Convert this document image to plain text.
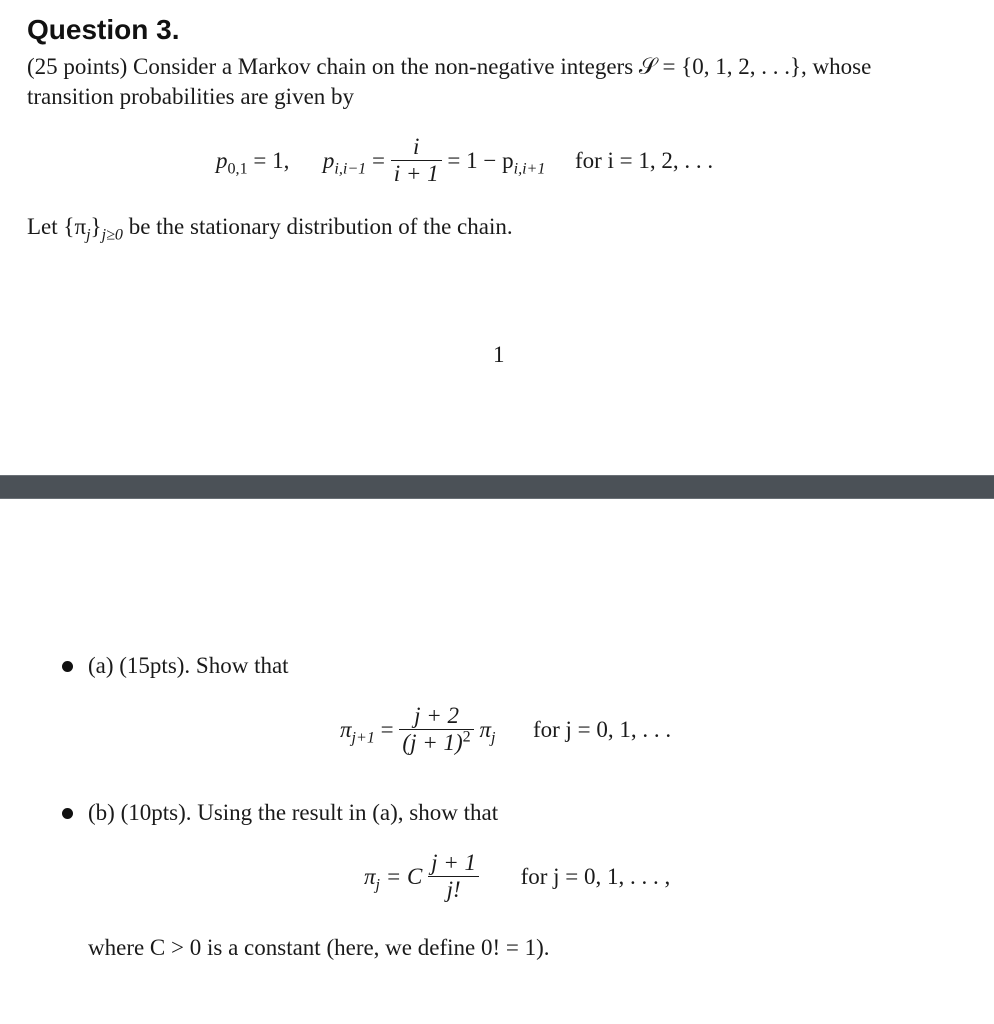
Question 3.
(25 points) Consider a Markov chain on the non-negative integers 𝒮 = {0, 1, 2, . . .}, whose
transition probabilities are given by
$p_{0,1} = 1$, $p_{i,i-1} = \frac{i}{i + 1} = 1 - p_{i,i+1}$ for i = 1, 2, . . .
Let $\{\pi_j\}_{j\ge 0}$ be the stationary distribution of the chain.
1
(a) (15pts). Show that
$\pi_{j+1} = \frac{j + 2}{(j + 1)^2} \pi_j$ for j = 0, 1, . . .
(b) (10pts). Using the result in (a), show that
$\pi_j = C \frac{j + 1}{j!}$ for j = 0, 1, . . . ,
where C > 0 is a constant (here, we define 0! = 1).
